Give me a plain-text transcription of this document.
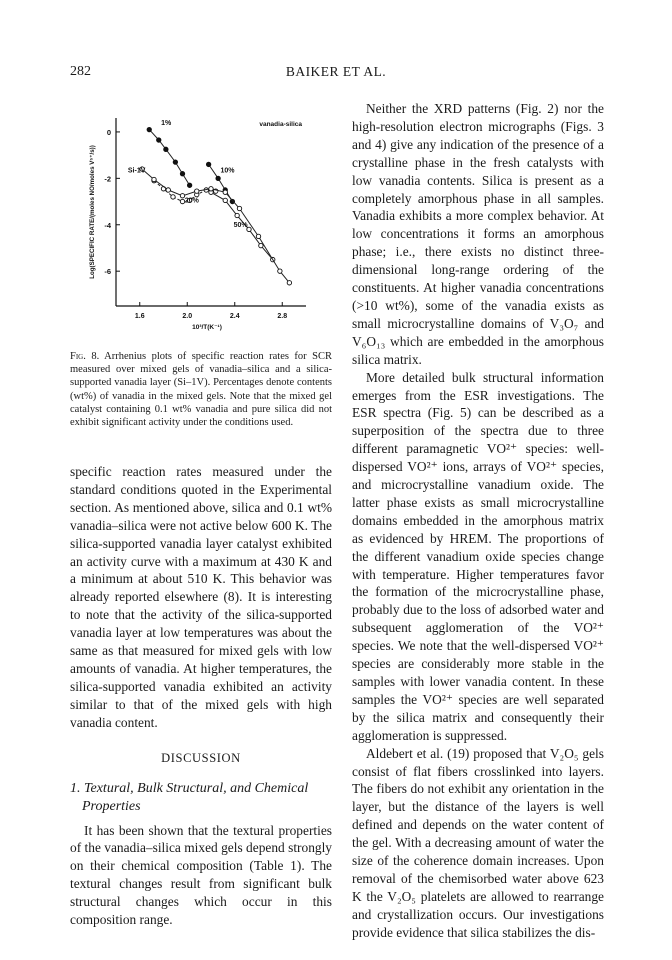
282	BAIKER ET AL.
1.6	2.0	2.4	2.8
0
-2
-4
-6
10³/T(K⁻¹)
Log(SPECIFIC RATE/(moles NO/moles V⁵⁺/s))
vanadia-silica
1%
10%
20%
50%
Si-1V
Fig. 8. Arrhenius plots of specific reaction rates for SCR measured over mixed gels of vanadia–silica and a silica-supported vanadia layer (Si–1V). Percentages denote contents (wt%) of vanadia in the mixed gels. Note that the mixed gel catalyst containing 0.1 wt% vanadia and pure silica did not exhibit significant activity under the conditions used.

Neither the XRD patterns (Fig. 2) nor the high-resolution electron micrographs (Figs. 3 and 4) give any indication of the presence of a crystalline phase in the fresh catalysts with low vanadia contents. Silica is present as a completely amorphous phase in all samples. Vanadia exhibits a more complex behavior. At low concentrations it forms an amorphous phase; i.e., there exists no distinct three-dimensional long-range ordering of the constituents. At higher vanadia concentrations (>10 wt%), some of the vanadia exists as small microcrystalline domains of V₃O₇ and V₆O₁₃ which are embedded in the amorphous silica matrix.

More detailed bulk structural information emerges from the ESR investigations. The ESR spectra (Fig. 5) can be described as a superposition of the spectra due to three different paramagnetic VO²⁺ species: well-dispersed VO²⁺ ions, arrays of VO²⁺ species, and microcrystalline vanadium oxide. The latter phase exists as small microcrystalline domains embedded in the amorphous matrix as evidenced by HREM. The proportions of the different vanadium oxide species change with temperature. Higher temperatures favor the formation of the microcrystalline phase, probably due to the loss of adsorbed water and subsequent agglomeration of the VO²⁺ species. We note that the well-dispersed VO²⁺ species are considerably more stable in the samples with lower vanadia content. In these samples the VO²⁺ species are well separated by the silica matrix and consequently their agglomeration is suppressed.

Aldebert et al. (19) proposed that V₂O₅ gels consist of flat fibers crosslinked into layers. The fibers do not exhibit any orientation in the layer, but the distance of the layers is well defined and depends on the water content of the gel. With a decreasing amount of water the size of the coherence domain increases. Upon removal of the chemisorbed water above 623 K the V₂O₅ platelets are allowed to rearrange and crystallization occurs. Our investigations provide evidence that silica stabilizes the dis-

specific reaction rates measured under the standard conditions quoted in the Experimental section. As mentioned above, silica and 0.1 wt% vanadia–silica were not active below 600 K. The silica-supported vanadia layer catalyst exhibited an activity curve with a maximum at 430 K and a minimum at about 510 K. This behavior was already reported elsewhere (8). It is interesting to note that the activity of the silica-supported vanadia layer at low temperatures was about the same as that measured for mixed gels with low amounts of vanadia. At higher temperatures, the silica-supported vanadia exhibited an activity similar to that of the mixed gels with high vanadia content.

DISCUSSION

1. Textural, Bulk Structural, and Chemical Properties

It has been shown that the textural properties of the vanadia–silica mixed gels depend strongly on their chemical composition (Table 1). The textural changes result from significant bulk structural changes which occur in this composition range.
